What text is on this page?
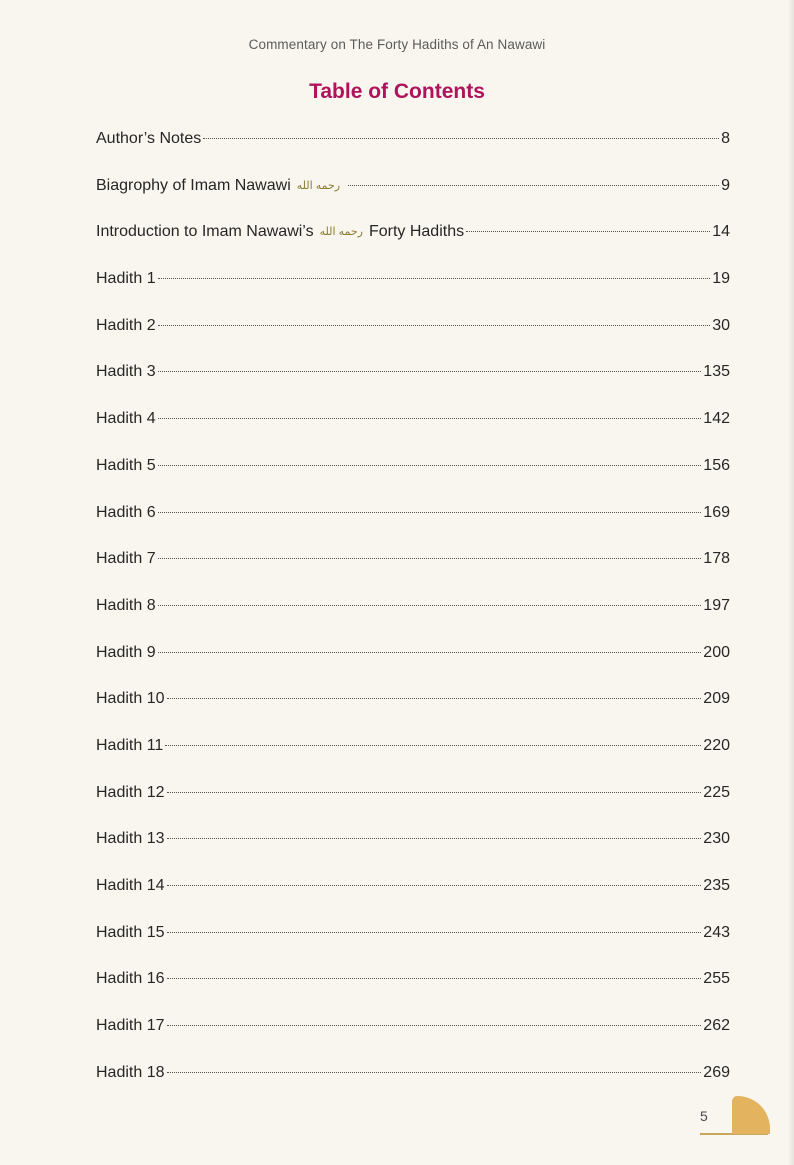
Commentary on The Forty Hadiths of An Nawawi
Table of Contents
Author’s Notes	8
Biagrophy of Imam Nawawi رحمه الله	9
Introduction to Imam Nawawi’s رحمه الله Forty Hadiths	14
Hadith 1	19
Hadith 2	30
Hadith 3	135
Hadith 4	142
Hadith 5	156
Hadith 6	169
Hadith 7	178
Hadith 8	197
Hadith 9	200
Hadith 10	209
Hadith 11	220
Hadith 12	225
Hadith 13	230
Hadith 14	235
Hadith 15	243
Hadith 16	255
Hadith 17	262
Hadith 18	269
5
